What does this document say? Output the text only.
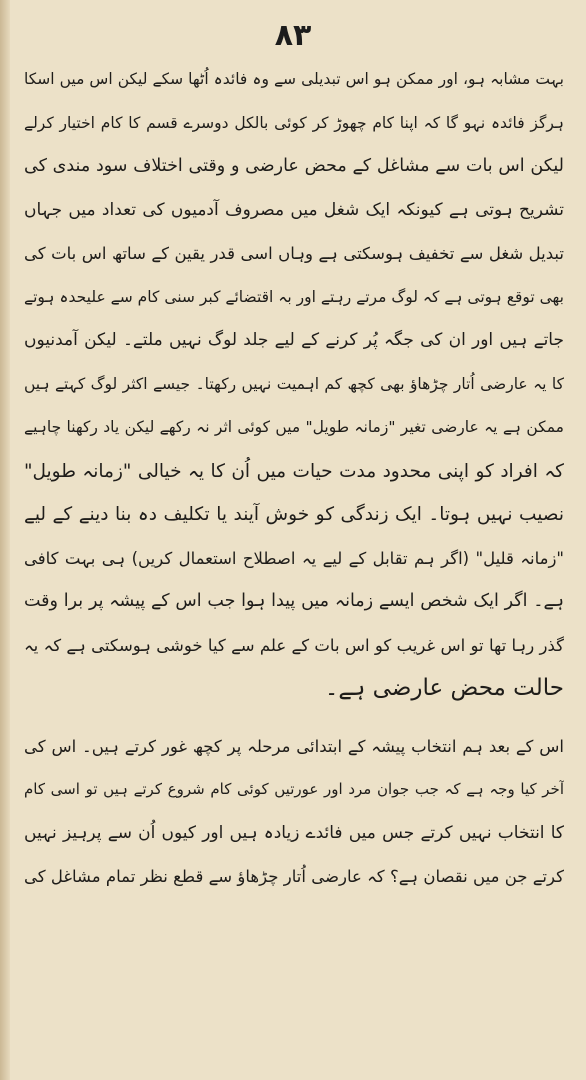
۸۳
بہت مشابہ ہو، اور ممکن ہو اس تبدیلی سے وہ فائدہ اُٹھا سکے لیکن اس میں اسکا
ہرگز فائدہ نہو گا کہ اپنا کام چھوڑ کر کوئی بالکل دوسرے قسم کا کام اختیار کرلے
لیکن اس بات سے مشاغل کے محض عارضی و وقتی اختلاف سود مندی کی
تشریح ہوتی ہے کیونکہ ایک شغل میں مصروف آدمیوں کی تعداد میں جہاں
تبدیل شغل سے تخفیف ہوسکتی ہے وہاں اسی قدر یقین کے ساتھ اس بات کی
بھی توقع ہوتی ہے کہ لوگ مرتے رہتے اور بہ اقتضائے کبر سنی کام سے علیحدہ ہوتے
جاتے ہیں اور ان کی جگہ پُر کرنے کے لیے جلد لوگ نہیں ملتے۔ لیکن آمدنیوں
کا یہ عارضی اُتار چڑھاؤ بھی کچھ کم اہمیت نہیں رکھتا۔ جیسے اکثر لوگ کہتے ہیں
ممکن ہے یہ عارضی تغیر "زمانہ طویل" میں کوئی اثر نہ رکھے لیکن یاد رکھنا چاہیے
کہ افراد کو اپنی محدود مدت حیات میں اُن کا یہ خیالی "زمانہ طویل"
نصیب نہیں ہوتا۔ ایک زندگی کو خوش آیند یا تکلیف دہ بنا دینے کے لیے
"زمانہ قلیل" (اگر ہم تقابل کے لیے یہ اصطلاح استعمال کریں) ہی بہت کافی
ہے۔ اگر ایک شخص ایسے زمانہ میں پیدا ہوا جب اس کے پیشہ پر برا وقت
گذر رہا تھا تو اس غریب کو اس بات کے علم سے کیا خوشی ہوسکتی ہے کہ یہ
حالت محض عارضی ہے۔
اس کے بعد ہم انتخاب پیشہ کے ابتدائی مرحلہ پر کچھ غور کرتے ہیں۔ اس کی
آخر کیا وجہ ہے کہ جب جوان مرد اور عورتیں کوئی کام شروع کرتے ہیں تو اسی کام
کا انتخاب نہیں کرتے جس میں فائدے زیادہ ہیں اور کیوں اُن سے پرہیز نہیں
کرتے جن میں نقصان ہے؟ کہ عارضی اُتار چڑھاؤ سے قطع نظر تمام مشاغل کی
